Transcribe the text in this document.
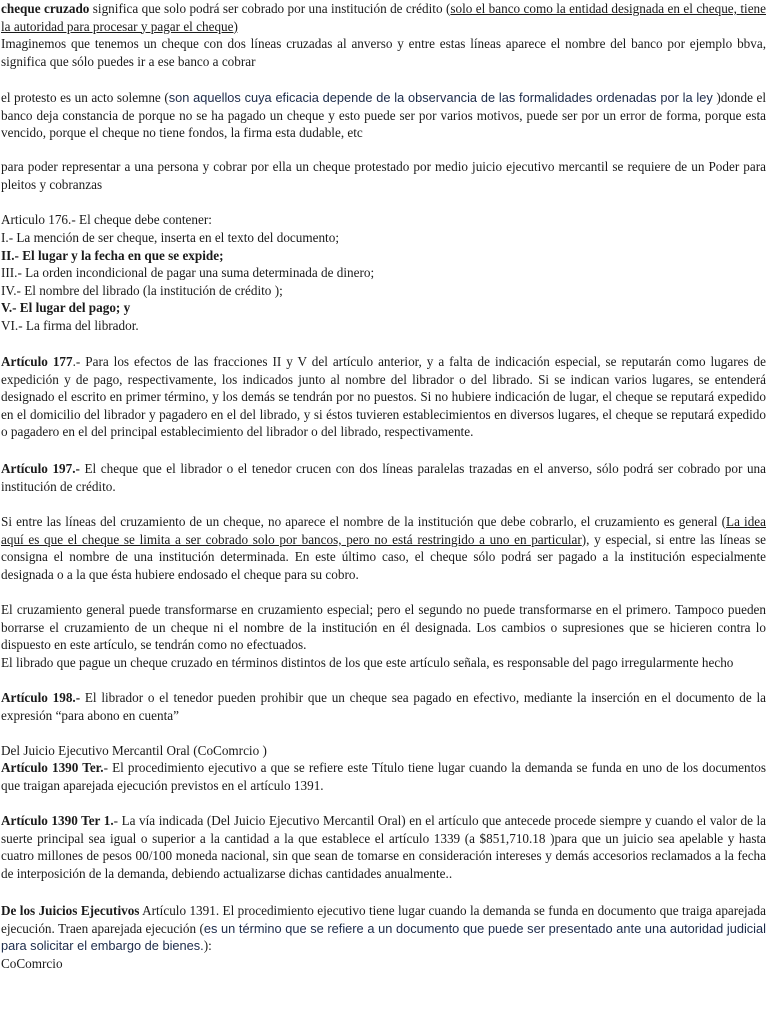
cheque cruzado significa que solo podrá ser cobrado por una institución de crédito (solo el banco como la entidad designada en el cheque, tiene la autoridad para procesar y pagar el cheque)

Imaginemos que tenemos un cheque con dos líneas cruzadas al anverso y entre estas líneas aparece el nombre del banco por ejemplo bbva, significa que sólo puedes ir a ese banco a cobrar

el protesto es un acto solemne (son aquellos cuya eficacia depende de la observancia de las formalidades ordenadas por la ley )donde el banco deja constancia de porque no se ha pagado un cheque y esto puede ser por varios motivos, puede ser por un error de forma, porque esta vencido, porque el cheque no tiene fondos, la firma esta dudable, etc

para poder representar a una persona y cobrar por ella un cheque protestado por medio juicio ejecutivo mercantil se requiere de un Poder para pleitos y cobranzas

Articulo 176.- El cheque debe contener:

I.- La mención de ser cheque, inserta en el texto del documento;

II.- El lugar y la fecha en que se expide;

III.- La orden incondicional de pagar una suma determinada de dinero;

IV.- El nombre del librado (la institución de crédito );

V.- El lugar del pago; y

VI.- La firma del librador.

Artículo 177.- Para los efectos de las fracciones II y V del artículo anterior, y a falta de indicación especial, se reputarán como lugares de expedición y de pago, respectivamente, los indicados junto al nombre del librador o del librado. Si se indican varios lugares, se entenderá designado el escrito en primer término, y los demás se tendrán por no puestos. Si no hubiere indicación de lugar, el cheque se reputará expedido en el domicilio del librador y pagadero en el del librado, y si éstos tuvieren establecimientos en diversos lugares, el cheque se reputará expedido o pagadero en el del principal establecimiento del librador o del librado, respectivamente.

Artículo 197.- El cheque que el librador o el tenedor crucen con dos líneas paralelas trazadas en el anverso, sólo podrá ser cobrado por una institución de crédito.

Si entre las líneas del cruzamiento de un cheque, no aparece el nombre de la institución que debe cobrarlo, el cruzamiento es general (La idea aquí es que el cheque se limita a ser cobrado solo por bancos, pero no está restringido a uno en particular), y especial, si entre las líneas se consigna el nombre de una institución determinada. En este último caso, el cheque sólo podrá ser pagado a la institución especialmente designada o a la que ésta hubiere endosado el cheque para su cobro.

El cruzamiento general puede transformarse en cruzamiento especial; pero el segundo no puede transformarse en el primero. Tampoco pueden borrarse el cruzamiento de un cheque ni el nombre de la institución en él designada. Los cambios o supresiones que se hicieren contra lo dispuesto en este artículo, se tendrán como no efectuados.

El librado que pague un cheque cruzado en términos distintos de los que este artículo señala, es responsable del pago irregularmente hecho

Artículo 198.- El librador o el tenedor pueden prohibir que un cheque sea pagado en efectivo, mediante la inserción en el documento de la expresión “para abono en cuenta”

Del Juicio Ejecutivo Mercantil Oral (CoComrcio )

Artículo 1390 Ter.- El procedimiento ejecutivo a que se refiere este Título tiene lugar cuando la demanda se funda en uno de los documentos que traigan aparejada ejecución previstos en el artículo 1391.

Artículo 1390 Ter 1.- La vía indicada (Del Juicio Ejecutivo Mercantil Oral) en el artículo que antecede procede siempre y cuando el valor de la suerte principal sea igual o superior a la cantidad a la que establece el artículo 1339 (a $851,710.18 )para que un juicio sea apelable y hasta cuatro millones de pesos 00/100 moneda nacional, sin que sean de tomarse en consideración intereses y demás accesorios reclamados a la fecha de interposición de la demanda, debiendo actualizarse dichas cantidades anualmente..

De los Juicios Ejecutivos Artículo 1391. El procedimiento ejecutivo tiene lugar cuando la demanda se funda en documento que traiga aparejada ejecución. Traen aparejada ejecución (es un término que se refiere a un documento que puede ser presentado ante una autoridad judicial para solicitar el embargo de bienes.):

CoComrcio
